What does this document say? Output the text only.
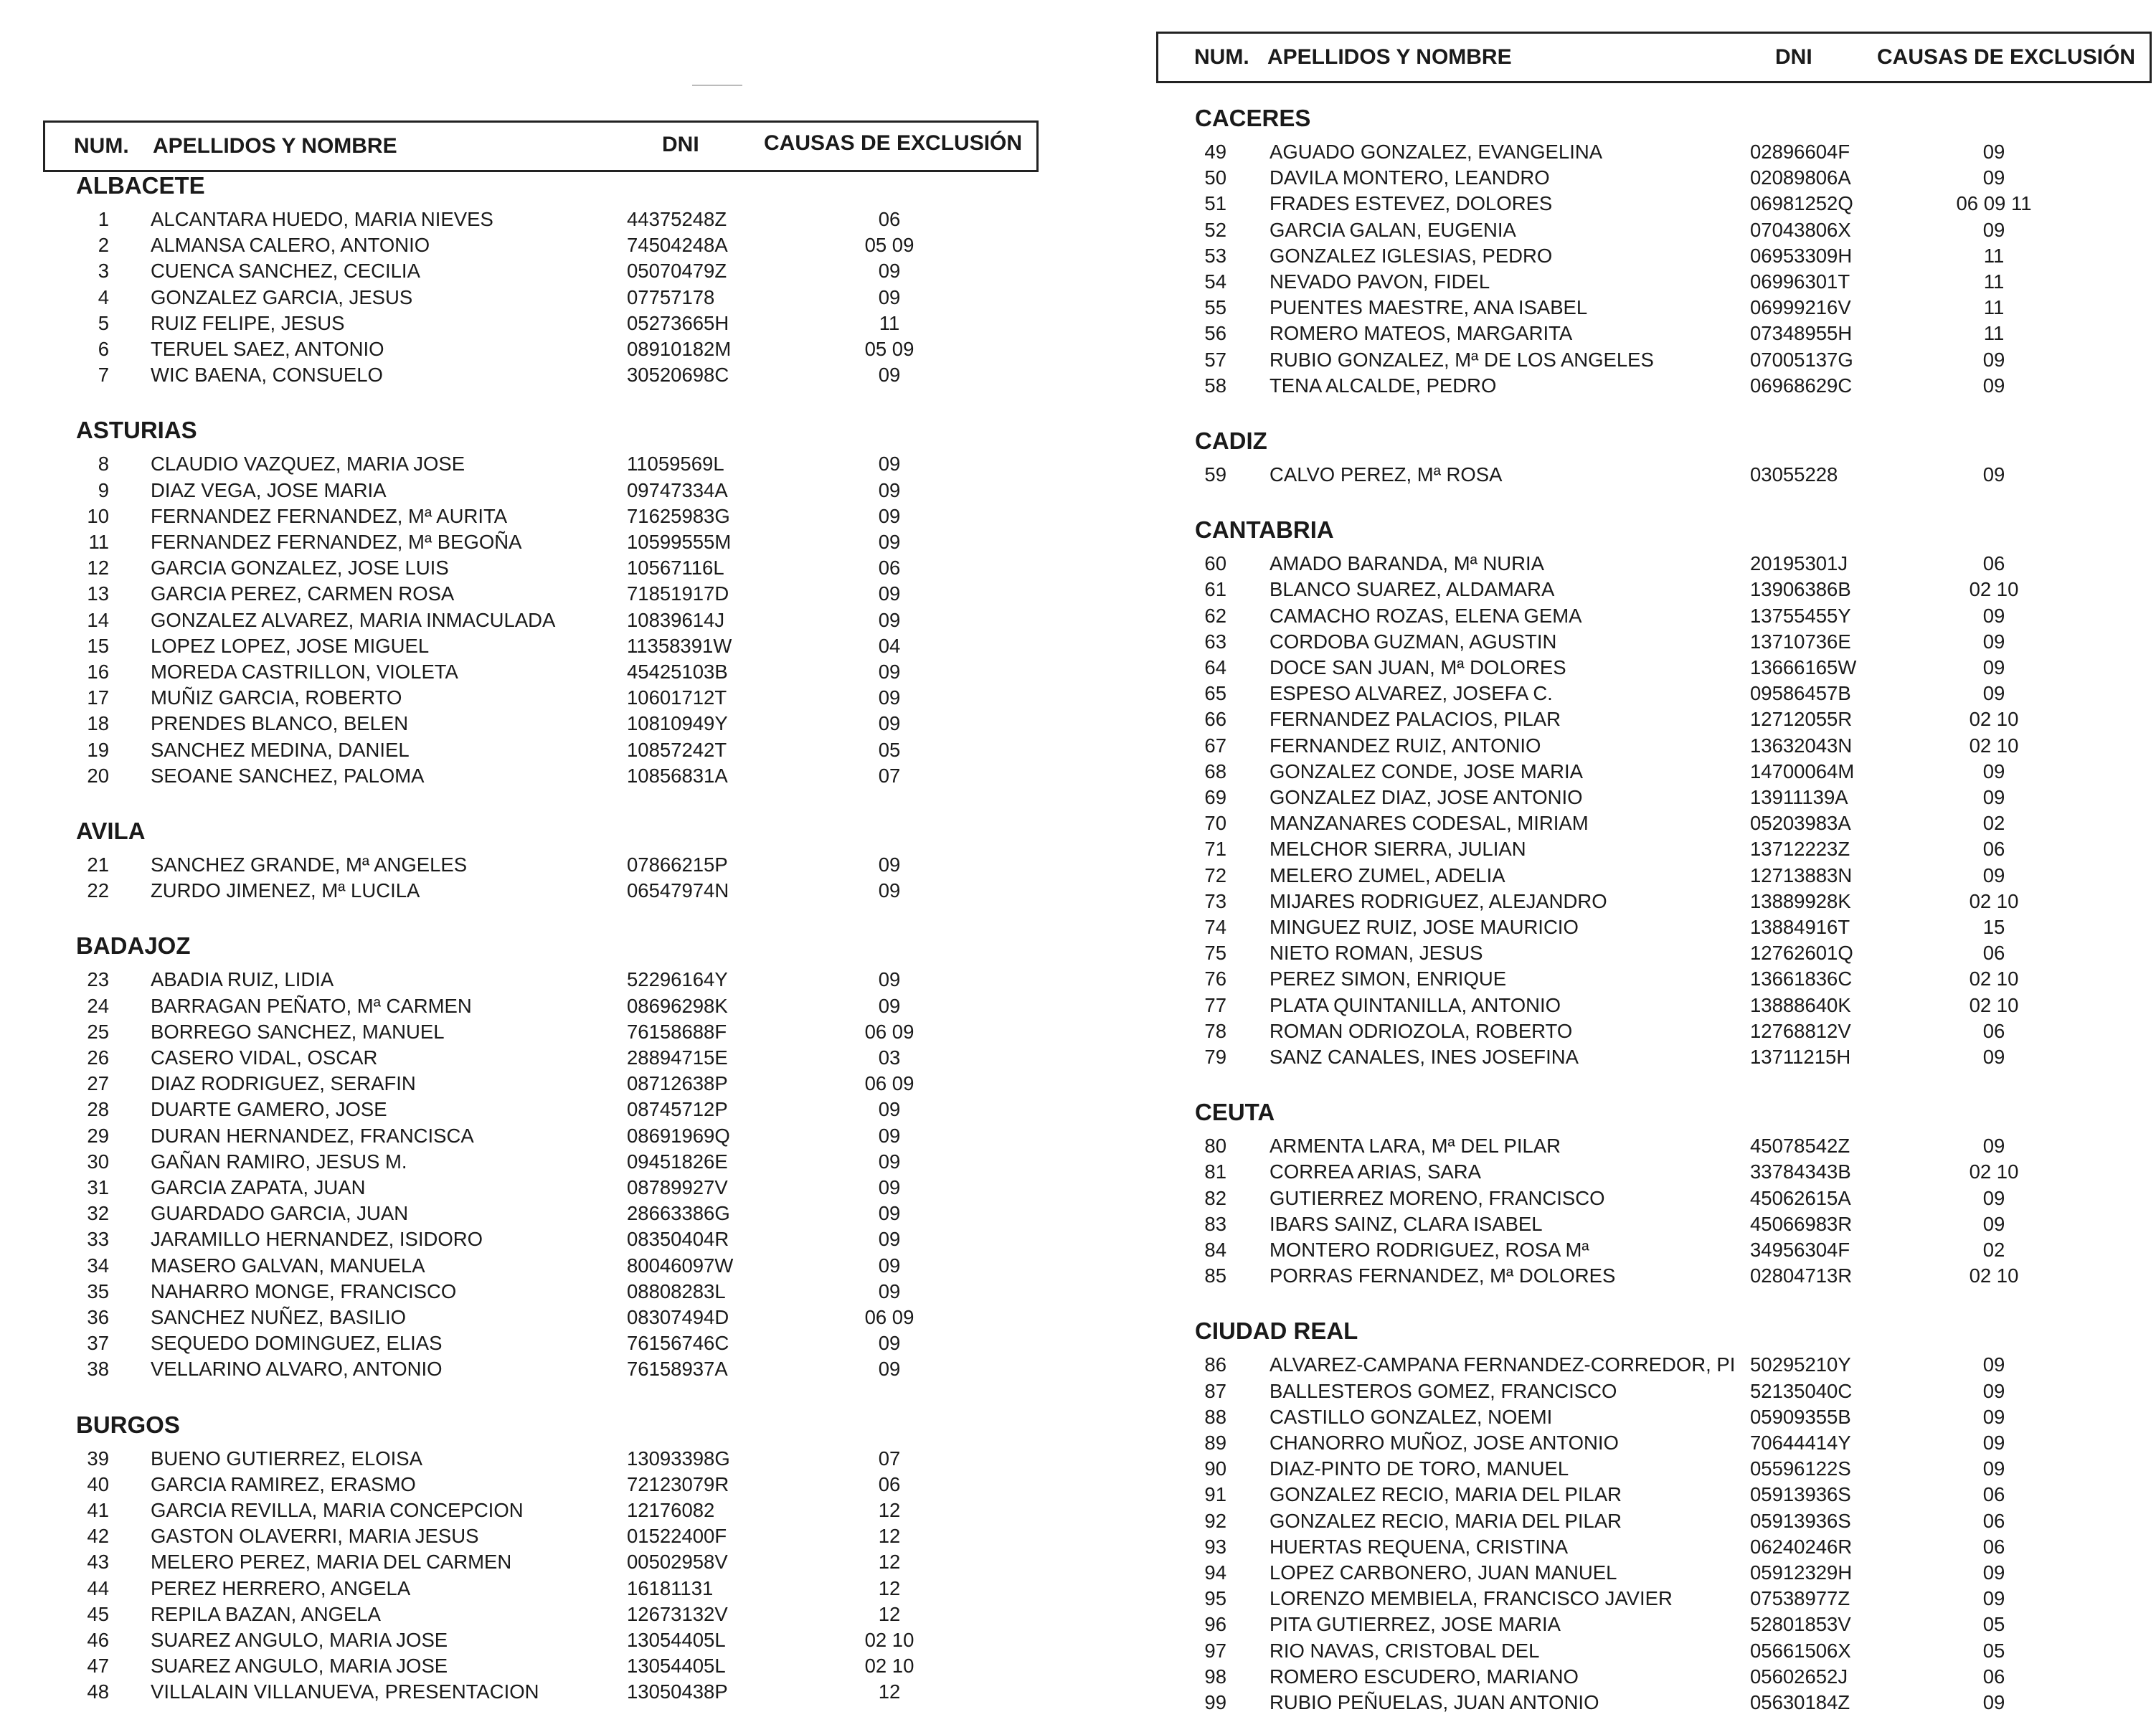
NUM. APELLIDOS Y NOMBRE	DNI	CAUSAS DE EXCLUSIÓN
ALBACETE
1 ALCANTARA HUEDO, MARIA NIEVES	44375248Z	06
2 ALMANSA CALERO, ANTONIO	74504248A	05 09
3 CUENCA SANCHEZ, CECILIA	05070479Z	09
4 GONZALEZ GARCIA, JESUS	07757178	09
5 RUIZ FELIPE, JESUS	05273665H	11
6 TERUEL SAEZ, ANTONIO	08910182M	05 09
7 WIC BAENA, CONSUELO	30520698C	09
ASTURIAS
8 CLAUDIO VAZQUEZ, MARIA JOSE	11059569L	09
9 DIAZ VEGA, JOSE MARIA	09747334A	09
10 FERNANDEZ FERNANDEZ, Mª AURITA	71625983G	09
11 FERNANDEZ FERNANDEZ, Mª BEGOÑA	10599555M	09
12 GARCIA GONZALEZ, JOSE LUIS	10567116L	06
13 GARCIA PEREZ, CARMEN ROSA	71851917D	09
14 GONZALEZ ALVAREZ, MARIA INMACULADA	10839614J	09
15 LOPEZ LOPEZ, JOSE MIGUEL	11358391W	04
16 MOREDA CASTRILLON, VIOLETA	45425103B	09
17 MUÑIZ GARCIA, ROBERTO	10601712T	09
18 PRENDES BLANCO, BELEN	10810949Y	09
19 SANCHEZ MEDINA, DANIEL	10857242T	05
20 SEOANE SANCHEZ, PALOMA	10856831A	07
AVILA
21 SANCHEZ GRANDE, Mª ANGELES	07866215P	09
22 ZURDO JIMENEZ, Mª LUCILA	06547974N	09
BADAJOZ
23 ABADIA RUIZ, LIDIA	52296164Y	09
24 BARRAGAN PEÑATO, Mª CARMEN	08696298K	09
25 BORREGO SANCHEZ, MANUEL	76158688F	06 09
26 CASERO VIDAL, OSCAR	28894715E	03
27 DIAZ RODRIGUEZ, SERAFIN	08712638P	06 09
28 DUARTE GAMERO, JOSE	08745712P	09
29 DURAN HERNANDEZ, FRANCISCA	08691969Q	09
30 GAÑAN RAMIRO, JESUS M.	09451826E	09
31 GARCIA ZAPATA, JUAN	08789927V	09
32 GUARDADO GARCIA, JUAN	28663386G	09
33 JARAMILLO HERNANDEZ, ISIDORO	08350404R	09
34 MASERO GALVAN, MANUELA	80046097W	09
35 NAHARRO MONGE, FRANCISCO	08808283L	09
36 SANCHEZ NUÑEZ, BASILIO	08307494D	06 09
37 SEQUEDO DOMINGUEZ, ELIAS	76156746C	09
38 VELLARINO ALVARO, ANTONIO	76158937A	09
BURGOS
39 BUENO GUTIERREZ, ELOISA	13093398G	07
40 GARCIA RAMIREZ, ERASMO	72123079R	06
41 GARCIA REVILLA, MARIA CONCEPCION	12176082	12
42 GASTON OLAVERRI, MARIA JESUS	01522400F	12
43 MELERO PEREZ, MARIA DEL CARMEN	00502958V	12
44 PEREZ HERRERO, ANGELA	16181131	12
45 REPILA BAZAN, ANGELA	12673132V	12
46 SUAREZ ANGULO, MARIA JOSE	13054405L	02 10
47 SUAREZ ANGULO, MARIA JOSE	13054405L	02 10
48 VILLALAIN VILLANUEVA, PRESENTACION	13050438P	12
NUM. APELLIDOS Y NOMBRE	DNI	CAUSAS DE EXCLUSIÓN
CACERES
49 AGUADO GONZALEZ, EVANGELINA	02896604F	09
50 DAVILA MONTERO, LEANDRO	02089806A	09
51 FRADES ESTEVEZ, DOLORES	06981252Q	06 09 11
52 GARCIA GALAN, EUGENIA	07043806X	09
53 GONZALEZ IGLESIAS, PEDRO	06953309H	11
54 NEVADO PAVON, FIDEL	06996301T	11
55 PUENTES MAESTRE, ANA ISABEL	06999216V	11
56 ROMERO MATEOS, MARGARITA	07348955H	11
57 RUBIO GONZALEZ, Mª DE LOS ANGELES	07005137G	09
58 TENA ALCALDE, PEDRO	06968629C	09
CADIZ
59 CALVO PEREZ, Mª ROSA	03055228	09
CANTABRIA
60 AMADO BARANDA, Mª NURIA	20195301J	06
61 BLANCO SUAREZ, ALDAMARA	13906386B	02 10
62 CAMACHO ROZAS, ELENA GEMA	13755455Y	09
63 CORDOBA GUZMAN, AGUSTIN	13710736E	09
64 DOCE SAN JUAN, Mª DOLORES	13666165W	09
65 ESPESO ALVAREZ, JOSEFA C.	09586457B	09
66 FERNANDEZ PALACIOS, PILAR	12712055R	02 10
67 FERNANDEZ RUIZ, ANTONIO	13632043N	02 10
68 GONZALEZ CONDE, JOSE MARIA	14700064M	09
69 GONZALEZ DIAZ, JOSE ANTONIO	13911139A	09
70 MANZANARES CODESAL, MIRIAM	05203983A	02
71 MELCHOR SIERRA, JULIAN	13712223Z	06
72 MELERO ZUMEL, ADELIA	12713883N	09
73 MIJARES RODRIGUEZ, ALEJANDRO	13889928K	02 10
74 MINGUEZ RUIZ, JOSE MAURICIO	13884916T	15
75 NIETO ROMAN, JESUS	12762601Q	06
76 PEREZ SIMON, ENRIQUE	13661836C	02 10
77 PLATA QUINTANILLA, ANTONIO	13888640K	02 10
78 ROMAN ODRIOZOLA, ROBERTO	12768812V	06
79 SANZ CANALES, INES JOSEFINA	13711215H	09
CEUTA
80 ARMENTA LARA, Mª DEL PILAR	45078542Z	09
81 CORREA ARIAS, SARA	33784343B	02 10
82 GUTIERREZ MORENO, FRANCISCO	45062615A	09
83 IBARS SAINZ, CLARA ISABEL	45066983R	09
84 MONTERO RODRIGUEZ, ROSA Mª	34956304F	02
85 PORRAS FERNANDEZ, Mª DOLORES	02804713R	02 10
CIUDAD REAL
86 ALVAREZ-CAMPANA FERNANDEZ-CORREDOR, PI 50295210Y	09
87 BALLESTEROS GOMEZ, FRANCISCO	52135040C	09
88 CASTILLO GONZALEZ, NOEMI	05909355B	09
89 CHANORRO MUÑOZ, JOSE ANTONIO	70644414Y	09
90 DIAZ-PINTO DE TORO, MANUEL	05596122S	09
91 GONZALEZ RECIO, MARIA DEL PILAR	05913936S	06
92 GONZALEZ RECIO, MARIA DEL PILAR	05913936S	06
93 HUERTAS REQUENA, CRISTINA	06240246R	06
94 LOPEZ CARBONERO, JUAN MANUEL	05912329H	09
95 LORENZO MEMBIELA, FRANCISCO JAVIER	07538977Z	09
96 PITA GUTIERREZ, JOSE MARIA	52801853V	05
97 RIO NAVAS, CRISTOBAL DEL	05661506X	05
98 ROMERO ESCUDERO, MARIANO	05602652J	06
99 RUBIO PEÑUELAS, JUAN ANTONIO	05630184Z	09
